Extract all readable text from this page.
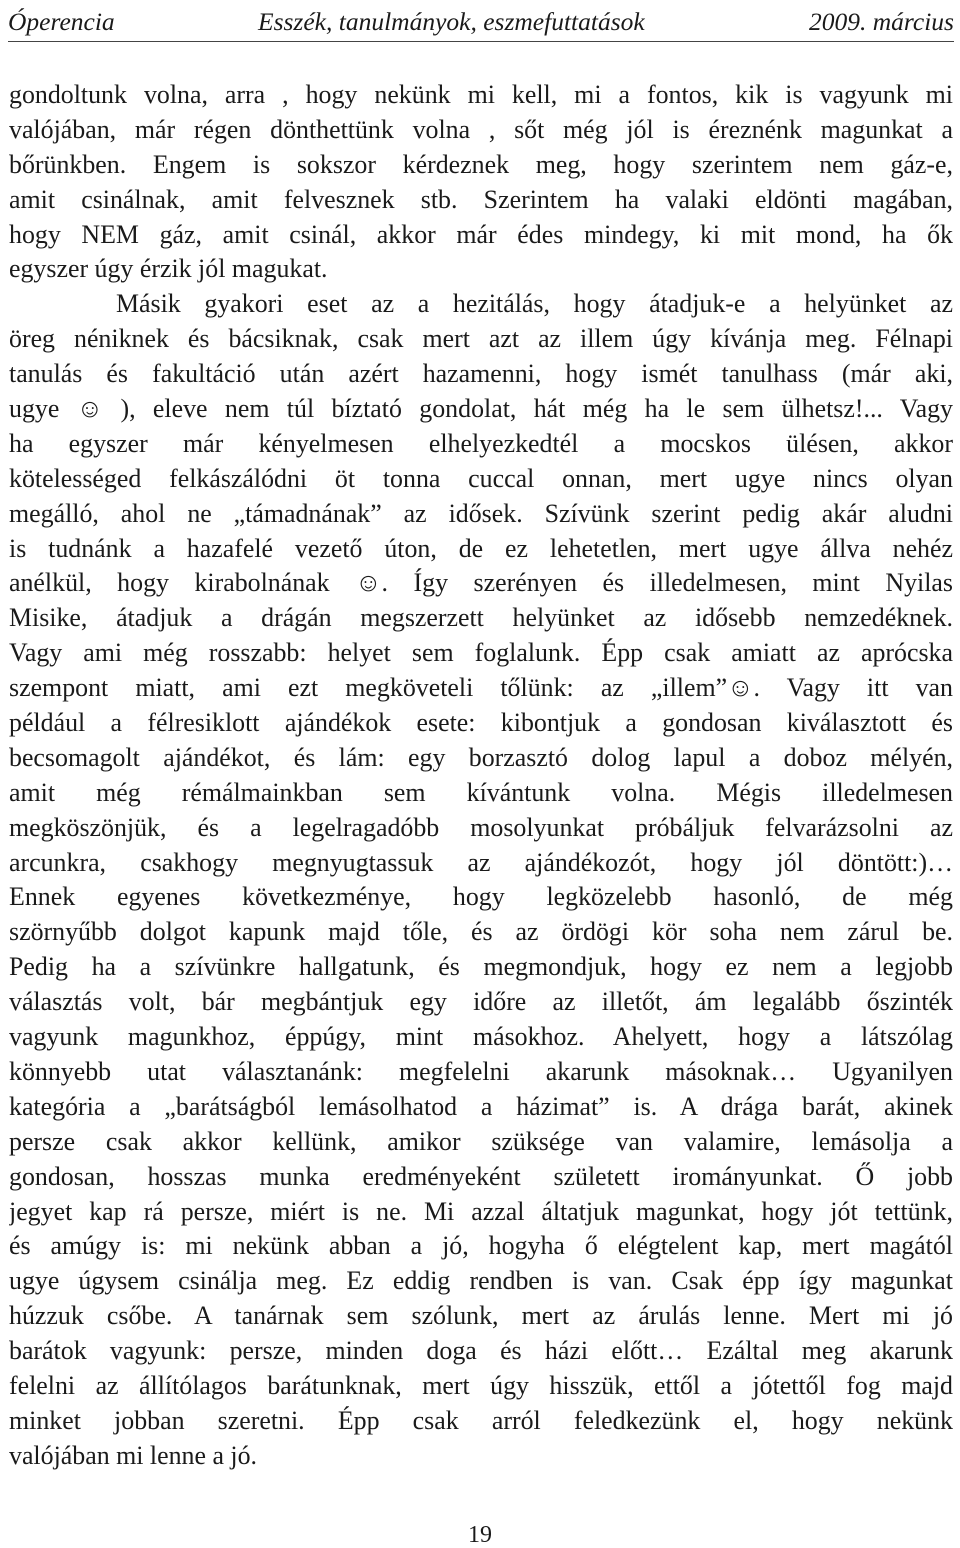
Óperencia	Esszék, tanulmányok, eszmefuttatások	2009. március
gondoltunk volna, arra , hogy nekünk mi kell, mi a fontos, kik is vagyunk mi
valójában, már régen dönthettünk volna , sőt még jól is éreznénk magunkat a
bőrünkben. Engem is sokszor kérdeznek meg, hogy szerintem nem gáz-e,
amit csinálnak, amit felvesznek stb. Szerintem ha valaki eldönti magában,
hogy NEM gáz, amit csinál, akkor már édes mindegy, ki mit mond, ha ők
egyszer úgy érzik jól magukat.
Másik gyakori eset az a hezitálás, hogy átadjuk-e a helyünket az
öreg néniknek és bácsiknak, csak mert azt az illem úgy kívánja meg. Félnapi
tanulás és fakultáció után azért hazamenni, hogy ismét tanulhass (már aki,
ugye ☺ ), eleve nem túl bíztató gondolat, hát még ha le sem ülhetsz!... Vagy
ha egyszer már kényelmesen elhelyezkedtél a mocskos ülésen, akkor
kötelességed felkászálódni öt tonna cuccal onnan, mert ugye nincs olyan
megálló, ahol ne „támadnának” az idősek. Szívünk szerint pedig akár aludni
is tudnánk a hazafelé vezető úton, de ez lehetetlen, mert ugye állva nehéz
anélkül, hogy kirabolnának ☺. Így szerényen és illedelmesen, mint Nyilas
Misike, átadjuk a drágán megszerzett helyünket az idősebb nemzedéknek.
Vagy ami még rosszabb: helyet sem foglalunk. Épp csak amiatt az aprócska
szempont miatt, ami ezt megköveteli tőlünk: az „illem”☺. Vagy itt van
például a félresiklott ajándékok esete: kibontjuk a gondosan kiválasztott és
becsomagolt ajándékot, és lám: egy borzasztó dolog lapul a doboz mélyén,
amit még rémálmainkban sem kívántunk volna. Mégis illedelmesen
megköszönjük, és a legelragadóbb mosolyunkat próbáljuk felvarázsolni az
arcunkra, csakhogy megnyugtassuk az ajándékozót, hogy jól döntött:)…
Ennek egyenes következménye, hogy legközelebb hasonló, de még
szörnyűbb dolgot kapunk majd tőle, és az ördögi kör soha nem zárul be.
Pedig ha a szívünkre hallgatunk, és megmondjuk, hogy ez nem a legjobb
választás volt, bár megbántjuk egy időre az illetőt, ám legalább őszinték
vagyunk magunkhoz, éppúgy, mint másokhoz. Ahelyett, hogy a látszólag
könnyebb utat választanánk: megfelelni akarunk másoknak… Ugyanilyen
kategória a „barátságból lemásolhatod a házimat” is. A drága barát, akinek
persze csak akkor kellünk, amikor szüksége van valamire, lemásolja a
gondosan, hosszas munka eredményeként született irományunkat. Ő jobb
jegyet kap rá persze, miért is ne. Mi azzal áltatjuk magunkat, hogy jót tettünk,
és amúgy is: mi nekünk abban a jó, hogyha ő elégtelent kap, mert magától
ugye úgysem csinálja meg. Ez eddig rendben is van. Csak épp így magunkat
húzzuk csőbe. A tanárnak sem szólunk, mert az árulás lenne. Mert mi jó
barátok vagyunk: persze, minden doga és házi előtt… Ezáltal meg akarunk
felelni az állítólagos barátunknak, mert úgy hisszük, ettől a jótettől fog majd
minket jobban szeretni. Épp csak arról feledkezünk el, hogy nekünk
valójában mi lenne a jó.
19
